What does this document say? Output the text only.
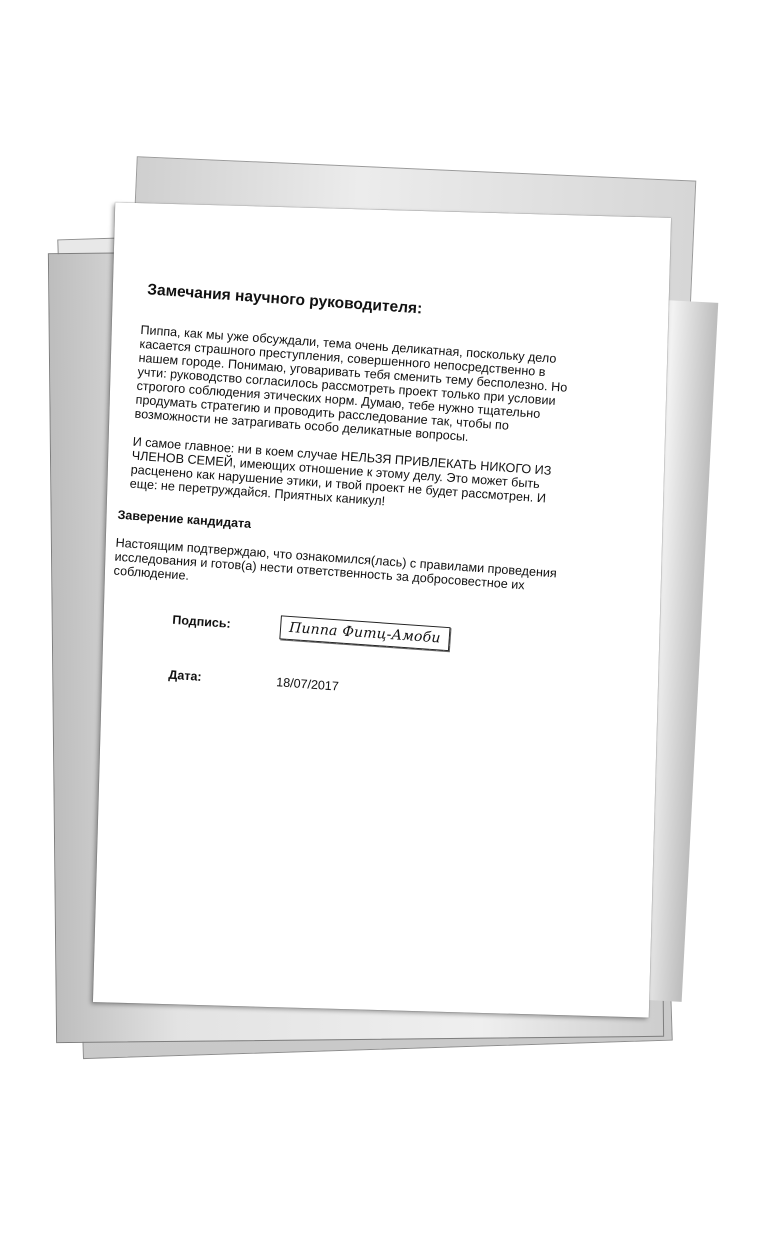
Замечания научного руководителя:
Пиппа, как мы уже обсуждали, тема очень деликатная, поскольку дело касается страшного преступления, совершенного непосредственно в нашем городе. Понимаю, уговаривать тебя сменить тему бесполезно. Но учти: руководство согласилось рассмотреть проект только при условии строгого соблюдения этических норм. Думаю, тебе нужно тщательно продумать стратегию и проводить расследование так, чтобы по возможности не затрагивать особо деликатные вопросы.
И самое главное: ни в коем случае НЕЛЬЗЯ ПРИВЛЕКАТЬ НИКОГО ИЗ ЧЛЕНОВ СЕМЕЙ, имеющих отношение к этому делу. Это может быть расценено как нарушение этики, и твой проект не будет рассмотрен. И еще: не перетруждайся. Приятных каникул!
Заверение кандидата
Настоящим подтверждаю, что ознакомился(лась) с правилами проведения исследования и готов(а) нести ответственность за добросовестное их соблюдение.
Подпись:	Пиппа Фитц-Амоби
Дата:	18/07/2017
